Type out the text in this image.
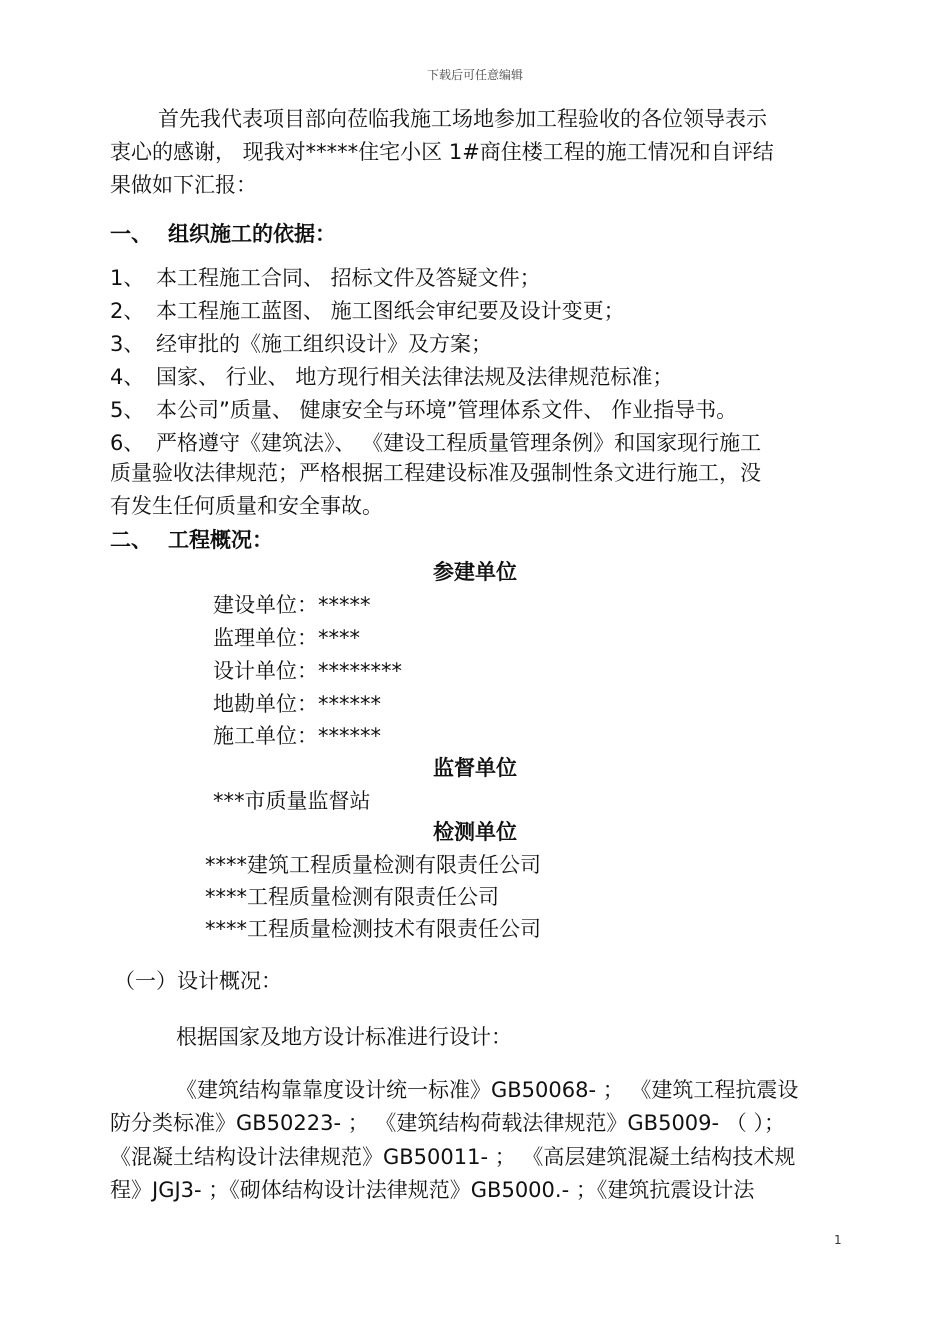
下载后可任意编辑
首先我代表项目部向莅临我施工场地参加工程验收的各位领导表示
衷心的感谢， 现我对*****住宅小区 1#商住楼工程的施工情况和自评结
果做如下汇报：
一、 组织施工的依据：
1、 本工程施工合同、 招标文件及答疑文件；
2、 本工程施工蓝图、 施工图纸会审纪要及设计变更；
3、 经审批的《施工组织设计》及方案；
4、 国家、 行业、 地方现行相关法律法规及法律规范标准；
5、 本公司”质量、 健康安全与环境”管理体系文件、 作业指导书。
6、 严格遵守《建筑法》、 《建设工程质量管理条例》和国家现行施工
质量验收法律规范；严格根据工程建设标准及强制性条文进行施工，没
有发生任何质量和安全事故。
二、 工程概况：
参建单位
建设单位：*****
监理单位：****
设计单位：********
地勘单位：******
施工单位：******
监督单位
***市质量监督站
检测单位
****建筑工程质量检测有限责任公司
****工程质量检测有限责任公司
****工程质量检测技术有限责任公司
（一）设计概况：
根据国家及地方设计标准进行设计：
《建筑结构靠靠度设计统一标准》GB50068- ； 《建筑工程抗震设
防分类标准》GB50223- ； 《建筑结构荷载法律规范》GB5009- （ ）；
《混凝土结构设计法律规范》GB50011- ； 《高层建筑混凝土结构技术规
程》JGJ3- ；《砌体结构设计法律规范》GB5000.- ；《建筑抗震设计法
1
